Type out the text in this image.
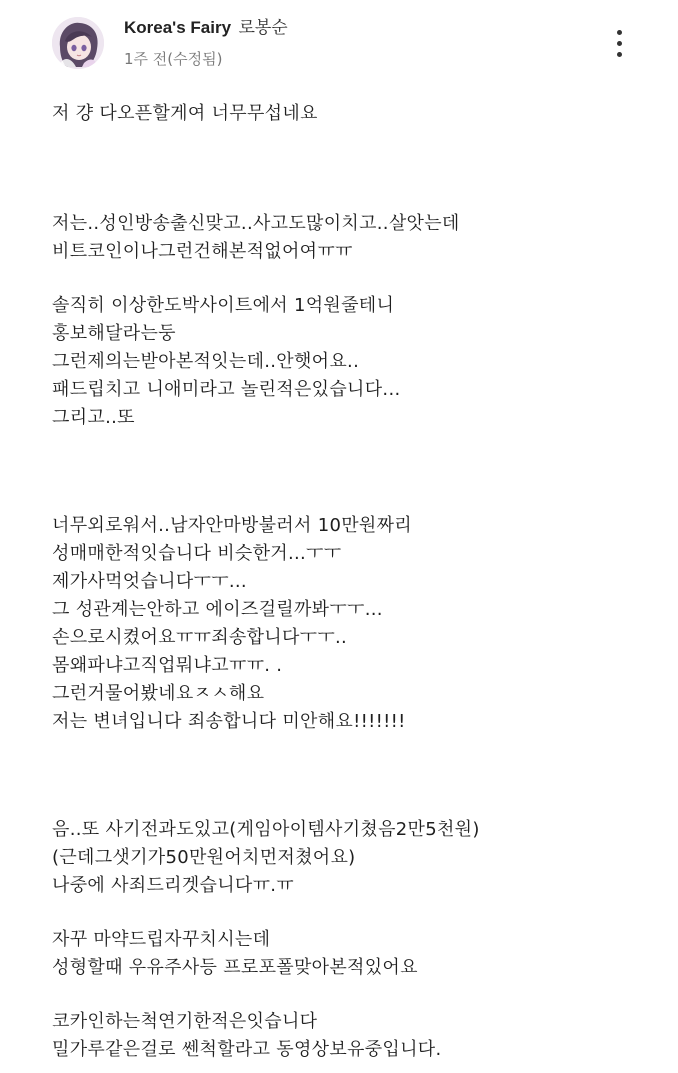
Korea's Fairy 로봉순
1주 전(수정됨)
저 걍 다오픈할게여 너무무섭네요
저는..성인방송출신맞고..사고도많이치고..살앗는데
비트코인이나그런건해본적없어여ㅠㅠ
솔직히 이상한도박사이트에서 1억원줄테니
홍보해달라는둥
그런제의는받아본적잇는데..안햇어요..
패드립치고 니애미라고 놀린적은있습니다...
그리고..또
너무외로워서..남자안마방불러서 10만원짜리
성매매한적잇습니다 비슷한거...ㅜㅜ
제가사먹엇습니다ㅜㅜ...
그 성관계는안하고 에이즈걸릴까봐ㅜㅜ...
손으로시켰어요ㅠㅠ죄송합니다ㅜㅜ..
몸왜파냐고직업뭐냐고ㅠㅠ. .
그런거물어봤네요ㅈㅅ해요
저는 변녀입니다 죄송합니다 미안해요!!!!!!!
음..또 사기전과도있고(게임아이템사기쳤음2만5천원)
(근데그샛기가50만원어치먼저쳤어요)
나중에 사죄드리겟습니다ㅠ.ㅠ
자꾸 마약드립자꾸치시는데
성형할때 우유주사등 프로포폴맞아본적있어요
코카인하는척연기한적은잇습니다
밀가루같은걸로 쎈척할라고 동영상보유중입니다.
